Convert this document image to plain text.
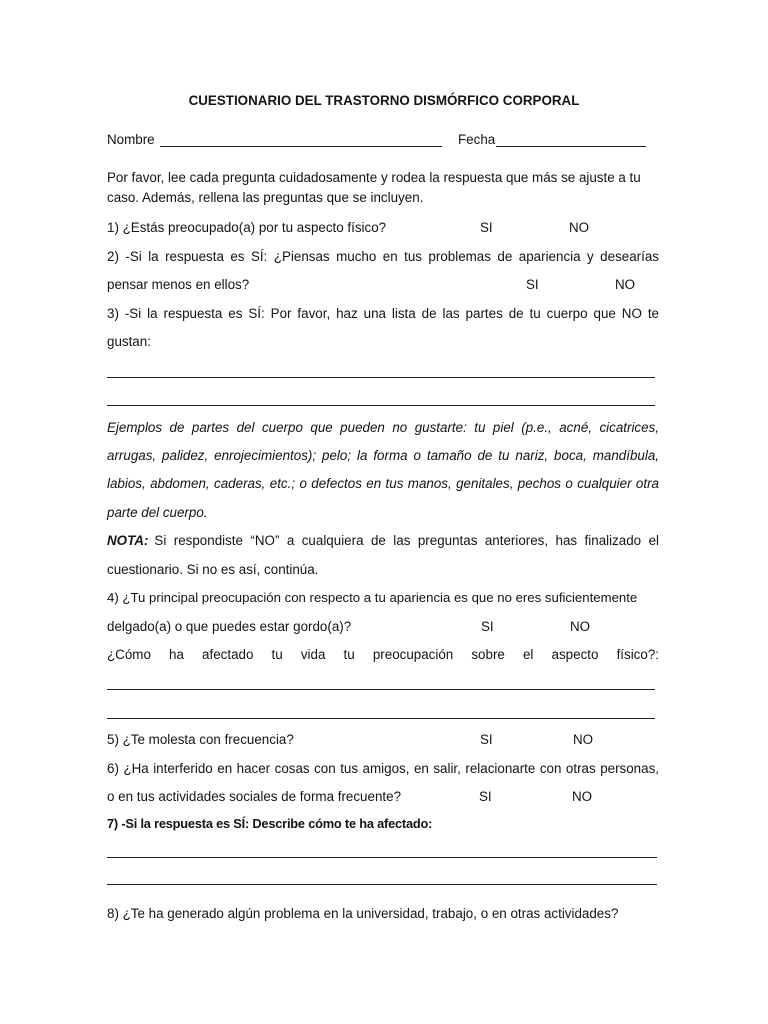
CUESTIONARIO DEL TRASTORNO DISMÓRFICO CORPORAL
Nombre	Fecha
Por favor, lee cada pregunta cuidadosamente y rodea la respuesta que más se ajuste a tu
caso. Además, rellena las preguntas que se incluyen.
1) ¿Estás preocupado(a) por tu aspecto físico?	SI	NO
2) -Si la respuesta es SÍ: ¿Piensas mucho en tus problemas de apariencia y desearías
pensar menos en ellos?	SI	NO
3) -Si la respuesta es SÍ: Por favor, haz una lista de las partes de tu cuerpo que NO te
gustan:
Ejemplos de partes del cuerpo que pueden no gustarte: tu piel (p.e., acné, cicatrices,
arrugas, palidez, enrojecimientos); pelo; la forma o tamaño de tu nariz, boca, mandíbula,
labios, abdomen, caderas, etc.; o defectos en tus manos, genitales, pechos o cualquier otra
parte del cuerpo.
NOTA: Si respondiste “NO” a cualquiera de las preguntas anteriores, has finalizado el
cuestionario. Si no es así, continúa.
4) ¿Tu principal preocupación con respecto a tu apariencia es que no eres suficientemente
delgado(a) o que puedes estar gordo(a)?	SI	NO
¿Cómo ha afectado tu vida tu preocupación sobre el aspecto físico?:
5) ¿Te molesta con frecuencia?	SI	NO
6) ¿Ha interferido en hacer cosas con tus amigos, en salir, relacionarte con otras personas,
o en tus actividades sociales de forma frecuente?	SI	NO
7) -Si la respuesta es SÍ: Describe cómo te ha afectado:
8) ¿Te ha generado algún problema en la universidad, trabajo, o en otras actividades?
